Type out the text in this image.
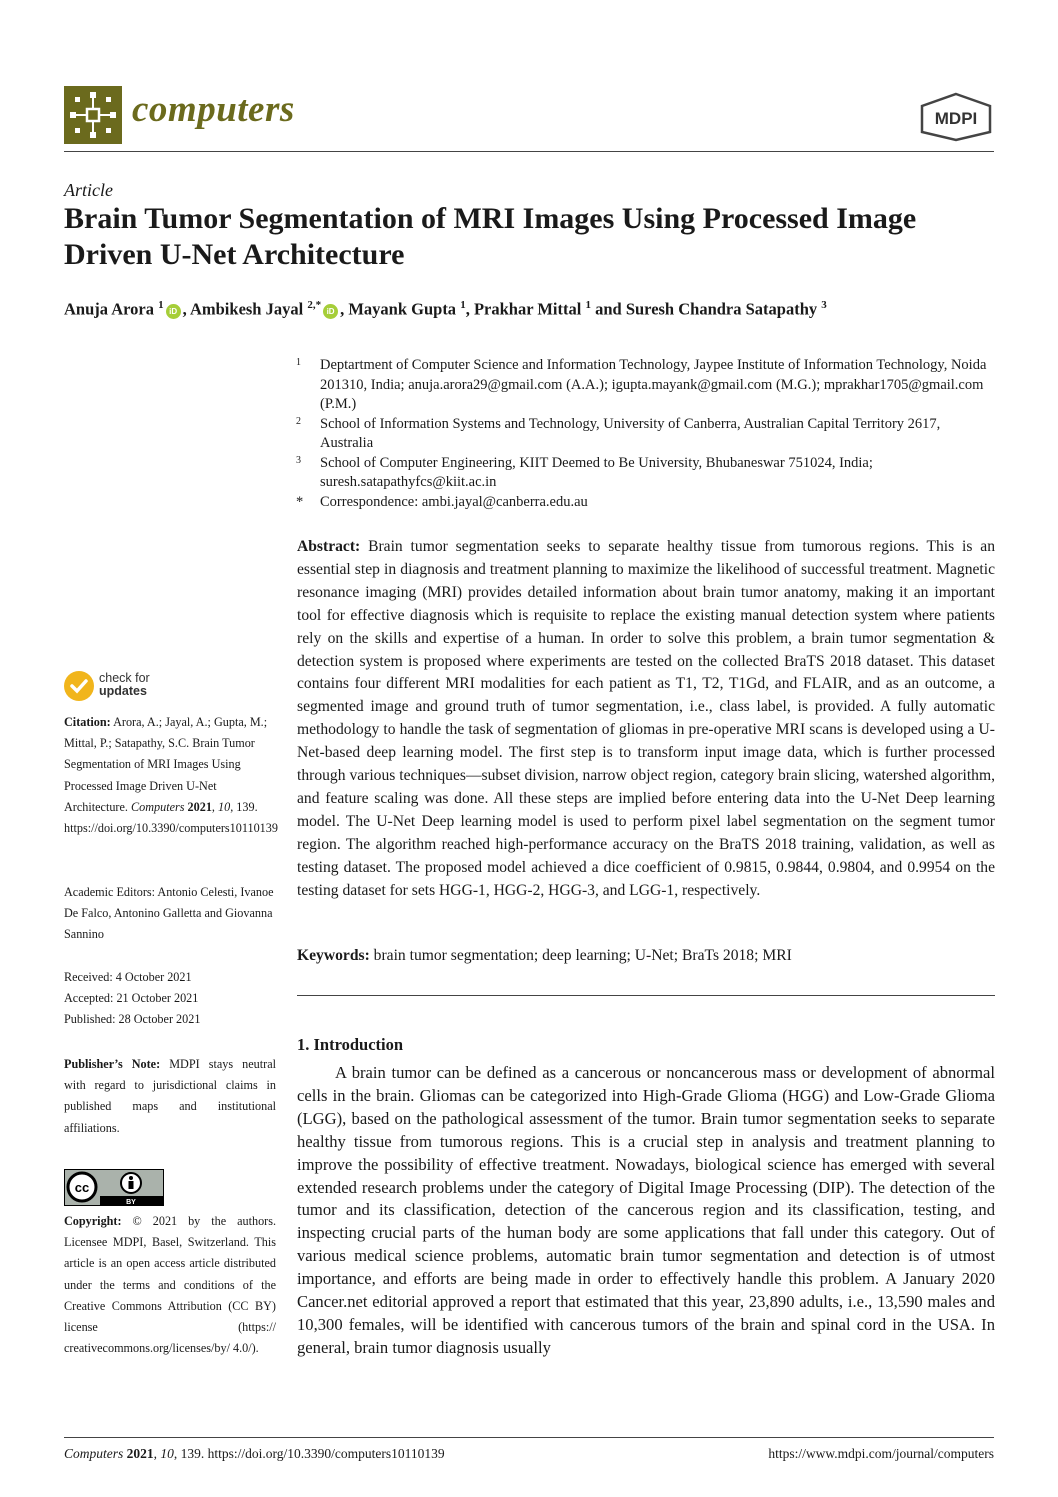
computers	MDPI
Article
Brain Tumor Segmentation of MRI Images Using Processed Image Driven U-Net Architecture
Anuja Arora $^1$ iD , Ambikesh Jayal $^{2,*}$ iD , Mayank Gupta $^1$, Prakhar Mittal $^1$ and Suresh Chandra Satapathy $^3$
1	Deptartment of Computer Science and Information Technology, Jaypee Institute of Information Technology, Noida 201310, India; anuja.arora29@gmail.com (A.A.); igupta.mayank@gmail.com (M.G.); mprakhar1705@gmail.com (P.M.)
2	School of Information Systems and Technology, University of Canberra, Australian Capital Territory 2617, Australia
3	School of Computer Engineering, KIIT Deemed to Be University, Bhubaneswar 751024, India; suresh.satapathyfcs@kiit.ac.in
*	Correspondence: ambi.jayal@canberra.edu.au
Abstract: Brain tumor segmentation seeks to separate healthy tissue from tumorous regions. This is an essential step in diagnosis and treatment planning to maximize the likelihood of successful treatment. Magnetic resonance imaging (MRI) provides detailed information about brain tumor anatomy, making it an important tool for effective diagnosis which is requisite to replace the existing manual detection system where patients rely on the skills and expertise of a human. In order to solve this problem, a brain tumor segmentation & detection system is proposed where experiments are tested on the collected BraTS 2018 dataset. This dataset contains four different MRI modalities for each patient as T1, T2, T1Gd, and FLAIR, and as an outcome, a segmented image and ground truth of tumor segmentation, i.e., class label, is provided. A fully automatic methodology to handle the task of segmentation of gliomas in pre-operative MRI scans is developed using a U-Net-based deep learning model. The first step is to transform input image data, which is further processed through various techniques—subset division, narrow object region, category brain slicing, watershed algorithm, and feature scaling was done. All these steps are implied before entering data into the U-Net Deep learning model. The U-Net Deep learning model is used to perform pixel label segmentation on the segment tumor region. The algorithm reached high-performance accuracy on the BraTS 2018 training, validation, as well as testing dataset. The proposed model achieved a dice coefficient of 0.9815, 0.9844, 0.9804, and 0.9954 on the testing dataset for sets HGG-1, HGG-2, HGG-3, and LGG-1, respectively.
Keywords: brain tumor segmentation; deep learning; U-Net; BraTs 2018; MRI
check for
updates
Citation: Arora, A.; Jayal, A.; Gupta, M.; Mittal, P.; Satapathy, S.C. Brain Tumor Segmentation of MRI Images Using Processed Image Driven U-Net Architecture. Computers 2021, 10, 139. https://doi.org/10.3390/computers10110139
Academic Editors: Antonio Celesti, Ivanoe De Falco, Antonino Galletta and Giovanna Sannino
Received: 4 October 2021
Accepted: 21 October 2021
Published: 28 October 2021
Publisher’s Note: MDPI stays neutral with regard to jurisdictional claims in published maps and institutional affiliations.
cc
BY
Copyright: © 2021 by the authors. Licensee MDPI, Basel, Switzerland. This article is an open access article distributed under the terms and conditions of the Creative Commons Attribution (CC BY) license (https:// creativecommons.org/licenses/by/ 4.0/).
1. Introduction
A brain tumor can be defined as a cancerous or noncancerous mass or development of abnormal cells in the brain. Gliomas can be categorized into High-Grade Glioma (HGG) and Low-Grade Glioma (LGG), based on the pathological assessment of the tumor. Brain tumor segmentation seeks to separate healthy tissue from tumorous regions. This is a crucial step in analysis and treatment planning to improve the possibility of effective treatment. Nowadays, biological science has emerged with several extended research problems under the category of Digital Image Processing (DIP). The detection of the tumor and its classification, detection of the cancerous region and its classification, testing, and inspecting crucial parts of the human body are some applications that fall under this category. Out of various medical science problems, automatic brain tumor segmentation and detection is of utmost importance, and efforts are being made in order to effectively handle this problem. A January 2020 Cancer.net editorial approved a report that estimated that this year, 23,890 adults, i.e., 13,590 males and 10,300 females, will be identified with cancerous tumors of the brain and spinal cord in the USA. In general, brain tumor diagnosis usually
Computers 2021, 10, 139. https://doi.org/10.3390/computers10110139	https://www.mdpi.com/journal/computers
